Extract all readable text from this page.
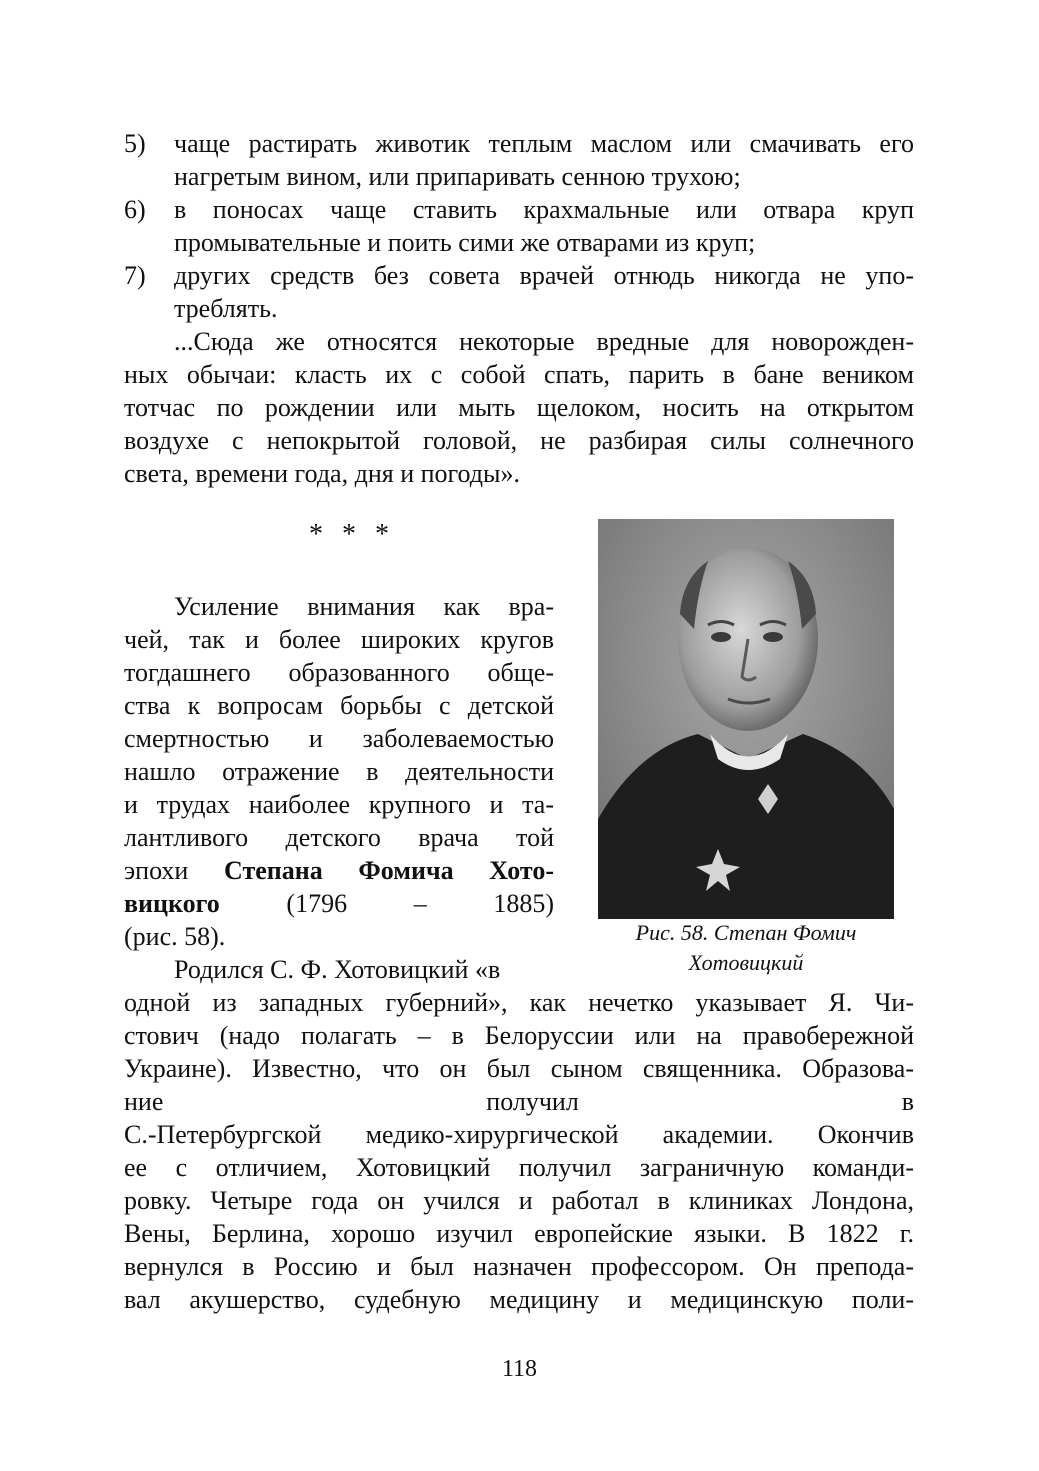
5)	чаще растирать животик теплым маслом или смачивать его
нагретым вином, или припаривать сенною трухою;
6)	в поносах чаще ставить крахмальные или отвара круп
промывательные и поить сими же отварами из круп;
7)	других средств без совета врачей отнюдь никогда не упо-
треблять.
...Сюда же относятся некоторые вредные для новорожден-
ных обычаи: класть их с собой спать, парить в бане веником
тотчас по рождении или мыть щелоком, носить на открытом
воздухе с непокрытой головой, не разбирая силы солнечного
света, времени года, дня и погоды».
* * *
Усиление внимания как вра-
чей, так и более широких кругов
тогдашнего образованного обще-
ства к вопросам борьбы с детской
смертностью и заболеваемостью
нашло отражение в деятельности
и трудах наиболее крупного и та-
лантливого детского врача той
эпохи Степана Фомича Хото-
вицкого (1796 – 1885)
(рис. 58).
Родился С. Ф. Хотовицкий «в
Рис. 58. Степан Фомич
Хотовицкий
одной из западных губерний», как нечетко указывает Я. Чи-
стович (надо полагать – в Белоруссии или на правобережной
Украине). Известно, что он был сыном священника. Образова-
ние получил в
С.-Петербургской медико-хирургической академии. Окончив
ее с отличием, Хотовицкий получил заграничную команди-
ровку. Четыре года он учился и работал в клиниках Лондона,
Вены, Берлина, хорошо изучил европейские языки. В 1822 г.
вернулся в Россию и был назначен профессором. Он препода-
вал акушерство, судебную медицину и медицинскую поли-
118
